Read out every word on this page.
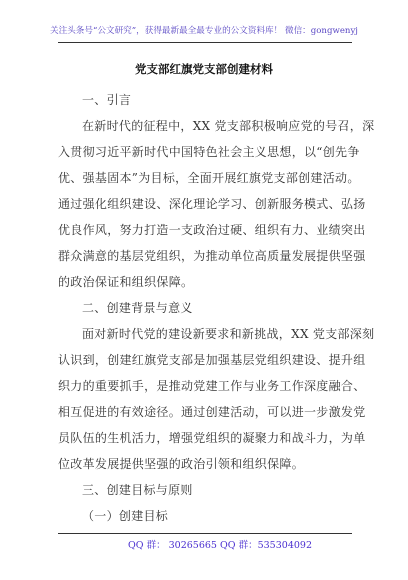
关注头条号“公文研究”，获得最新最全最专业的公文资料库！ 微信：gongwenyj
党支部红旗党支部创建材料
一、引言
在新时代的征程中，XX 党支部积极响应党的号召，深
入贯彻习近平新时代中国特色社会主义思想，以“创先争
优、强基固本”为目标，全面开展红旗党支部创建活动。
通过强化组织建设、深化理论学习、创新服务模式、弘扬
优良作风，努力打造一支政治过硬、组织有力、业绩突出
群众满意的基层党组织，为推动单位高质量发展提供坚强
的政治保证和组织保障。
二、创建背景与意义
面对新时代党的建设新要求和新挑战，XX 党支部深刻
认识到，创建红旗党支部是加强基层党组织建设、提升组
织力的重要抓手，是推动党建工作与业务工作深度融合、
相互促进的有效途径。通过创建活动，可以进一步激发党
员队伍的生机活力，增强党组织的凝聚力和战斗力，为单
位改革发展提供坚强的政治引领和组织保障。
三、创建目标与原则
（一）创建目标
QQ 群： 30265665 QQ 群：535304092
